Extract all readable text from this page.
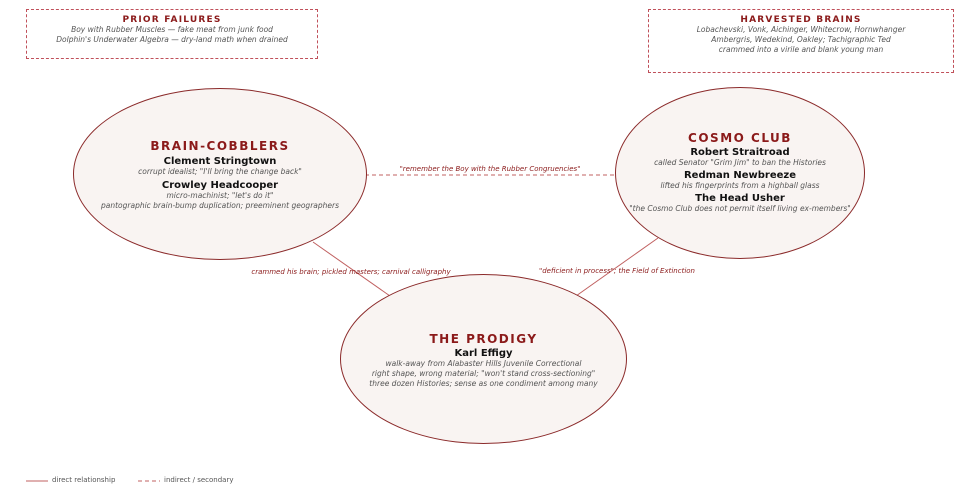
PRIOR FAILURES
Boy with Rubber Muscles — fake meat from junk food
Dolphin's Underwater Algebra — dry-land math when drained
HARVESTED BRAINS
Lobachevski, Vonk, Aichinger, Whitecrow, Hornwhanger
Ambergris, Wedekind, Oakley; Tachigraphic Ted
crammed into a virile and blank young man
BRAIN-COBBLERS
Clement Stringtown
corrupt idealist; "I'll bring the change back"
Crowley Headcooper
micro-machinist; "let's do it"
pantographic brain-bump duplication; preeminent geographers
COSMO CLUB
Robert Straitroad
called Senator "Grim Jim" to ban the Histories
Redman Newbreeze
lifted his fingerprints from a highball glass
The Head Usher
"the Cosmo Club does not permit itself living ex-members"
THE PRODIGY
Karl Effigy
walk-away from Alabaster Hills Juvenile Correctional
right shape, wrong material; "won't stand cross-sectioning"
three dozen Histories; sense as one condiment among many
"remember the Boy with the Rubber Congruencies"
crammed his brain; pickled masters; carnival calligraphy	"deficient in process"; the Field of Extinction
direct relationship	indirect / secondary
